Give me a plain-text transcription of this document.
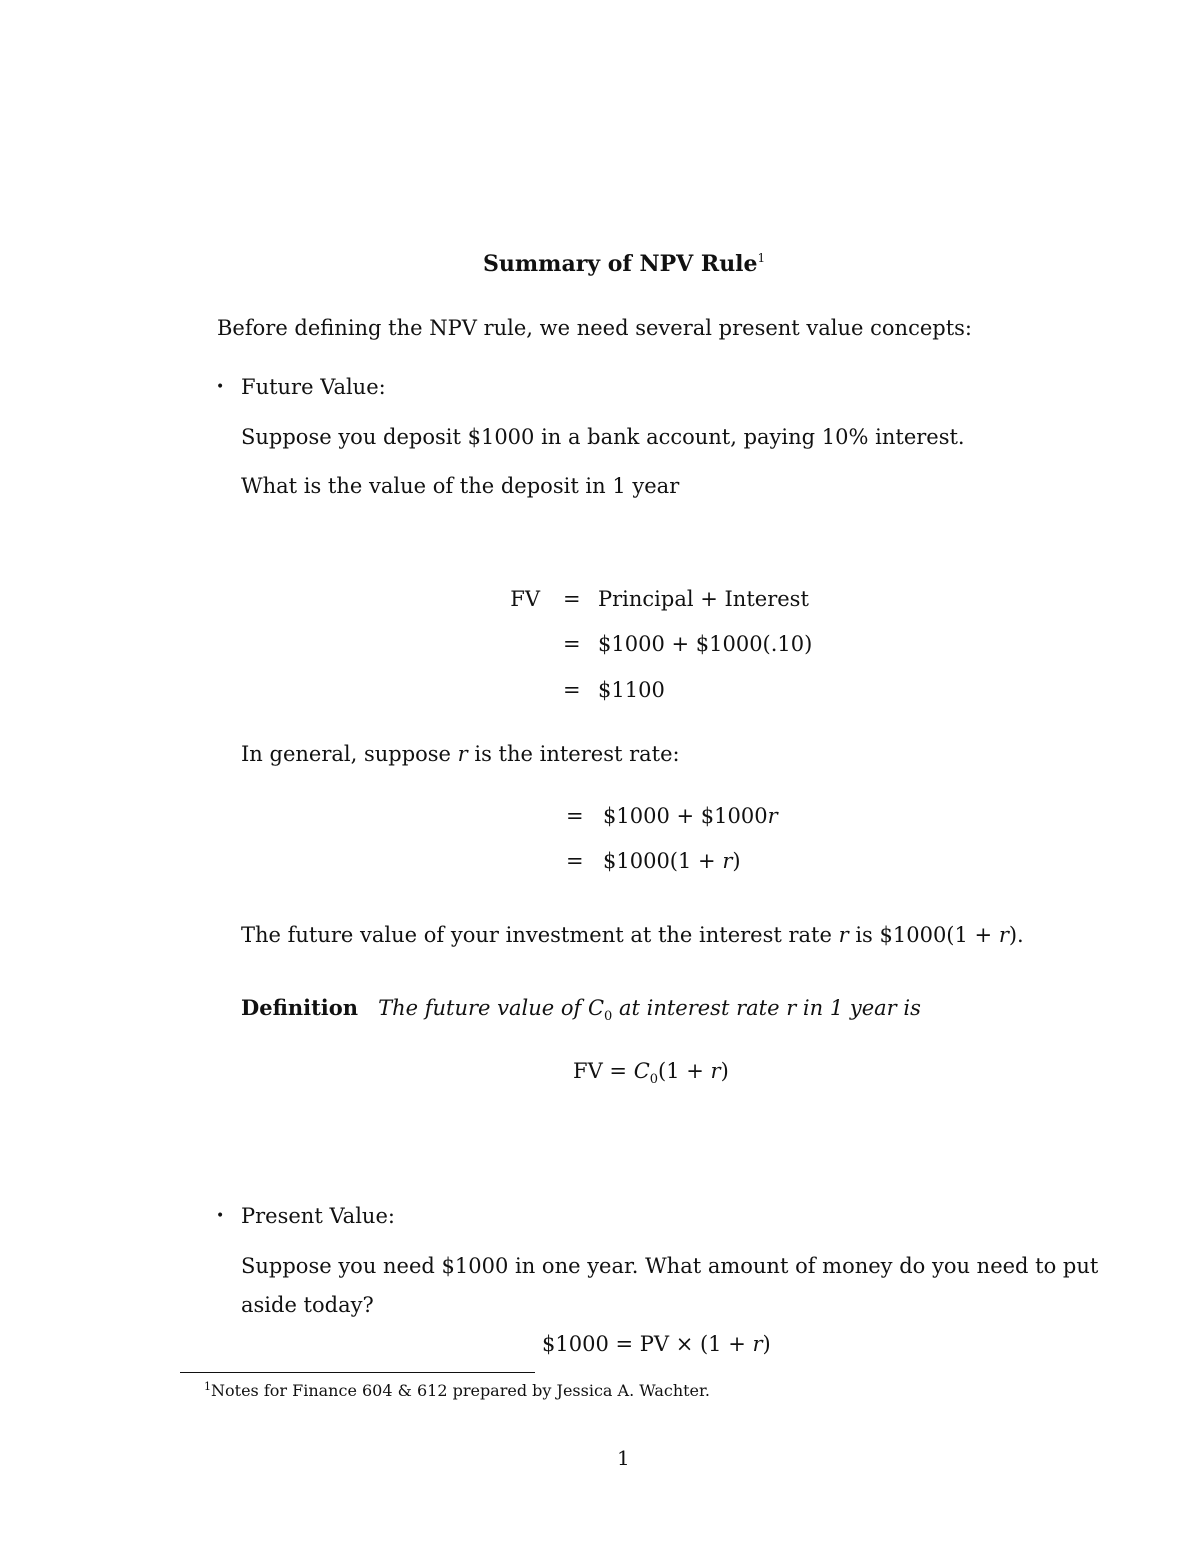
Summary of NPV Rule$^1$
Before defining the NPV rule, we need several present value concepts:
• Future Value:
Suppose you deposit $1000 in a bank account, paying 10% interest.
What is the value of the deposit in 1 year
FV = Principal + Interest
= $1000 + $1000(.10)
= $1100
In general, suppose r is the interest rate:
= $1000 + $1000r
= $1000(1 + r)
The future value of your investment at the interest rate r is $1000(1 + r).
Definition The future value of $C_0$ at interest rate r in 1 year is
FV = $C_0(1 + r)$
• Present Value:
Suppose you need $1000 in one year. What amount of money do you need to put
aside today?
$1000 = PV × (1 + r)
$^1$Notes for Finance 604 & 612 prepared by Jessica A. Wachter.
1
